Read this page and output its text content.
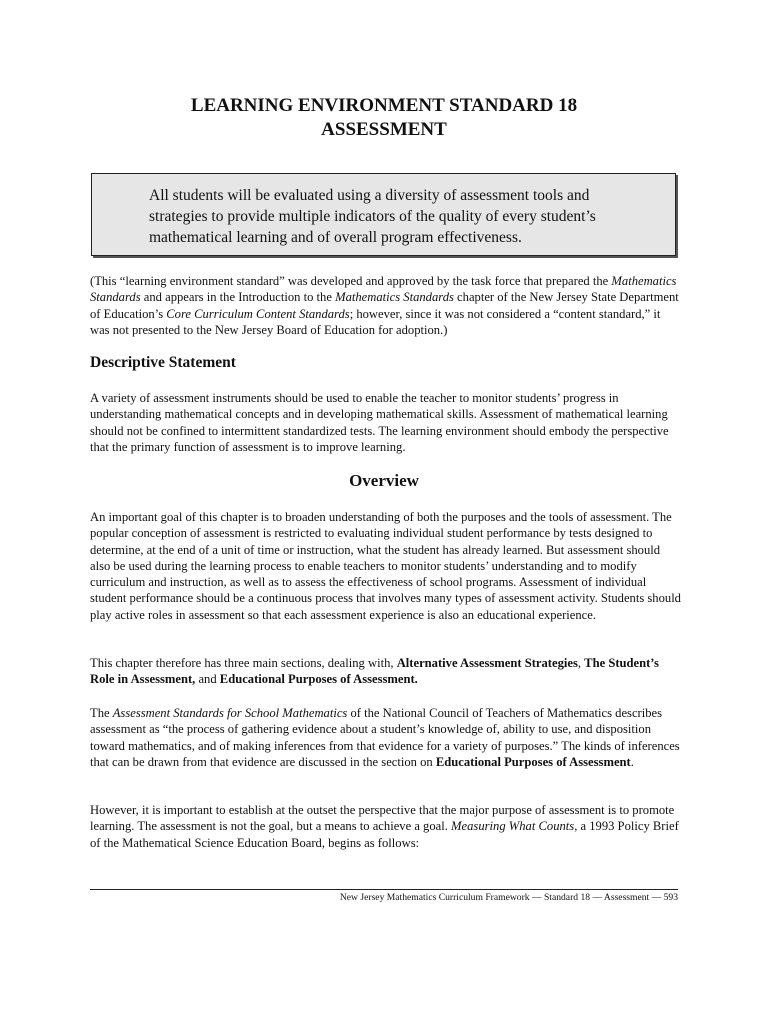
LEARNING ENVIRONMENT STANDARD 18
ASSESSMENT

All students will be evaluated using a diversity of assessment tools and strategies to provide multiple indicators of the quality of every student’s mathematical learning and of overall program effectiveness.

(This “learning environment standard” was developed and approved by the task force that prepared the Mathematics Standards and appears in the Introduction to the Mathematics Standards chapter of the New Jersey State Department of Education’s Core Curriculum Content Standards; however, since it was not considered a “content standard,” it was not presented to the New Jersey Board of Education for adoption.)

Descriptive Statement

A variety of assessment instruments should be used to enable the teacher to monitor students’ progress in understanding mathematical concepts and in developing mathematical skills. Assessment of mathematical learning should not be confined to intermittent standardized tests. The learning environment should embody the perspective that the primary function of assessment is to improve learning.

Overview

An important goal of this chapter is to broaden understanding of both the purposes and the tools of assessment. The popular conception of assessment is restricted to evaluating individual student performance by tests designed to determine, at the end of a unit of time or instruction, what the student has already learned. But assessment should also be used during the learning process to enable teachers to monitor students’ understanding and to modify curriculum and instruction, as well as to assess the effectiveness of school programs. Assessment of individual student performance should be a continuous process that involves many types of assessment activity. Students should play active roles in assessment so that each assessment experience is also an educational experience.

This chapter therefore has three main sections, dealing with, Alternative Assessment Strategies, The Student’s Role in Assessment, and Educational Purposes of Assessment.

The Assessment Standards for School Mathematics of the National Council of Teachers of Mathematics describes assessment as “the process of gathering evidence about a student’s knowledge of, ability to use, and disposition toward mathematics, and of making inferences from that evidence for a variety of purposes.” The kinds of inferences that can be drawn from that evidence are discussed in the section on Educational Purposes of Assessment.

However, it is important to establish at the outset the perspective that the major purpose of assessment is to promote learning. The assessment is not the goal, but a means to achieve a goal. Measuring What Counts, a 1993 Policy Brief of the Mathematical Science Education Board, begins as follows:

New Jersey Mathematics Curriculum Framework — Standard 18 — Assessment — 593
